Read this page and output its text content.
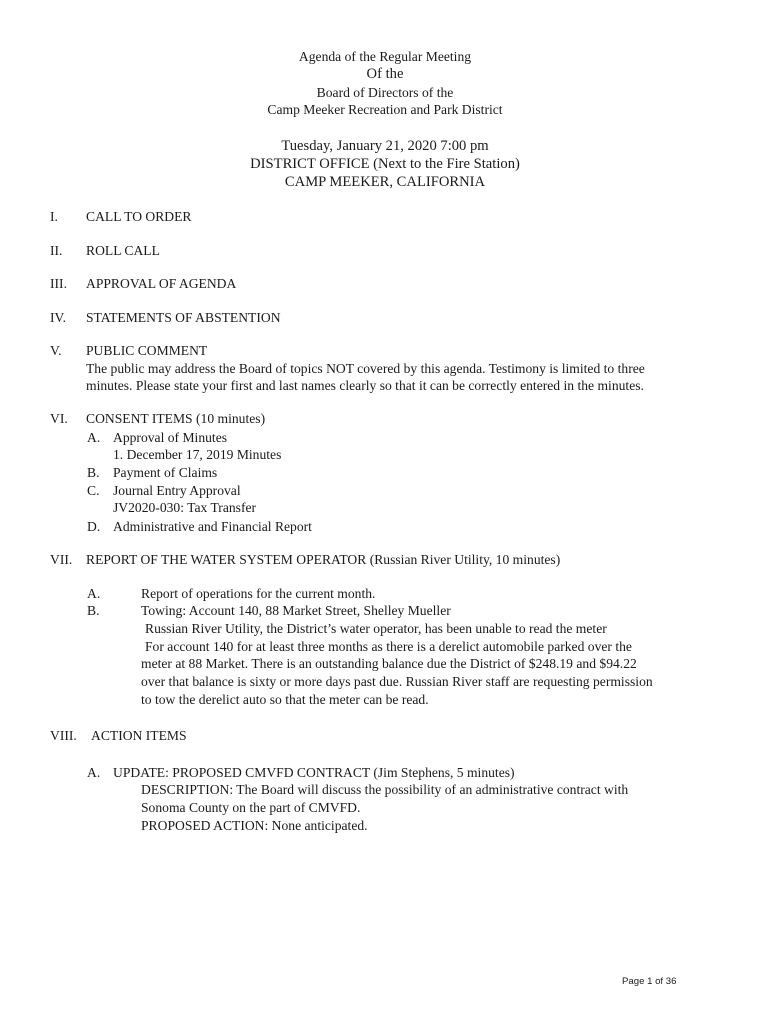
Agenda of the Regular Meeting
Of the
Board of Directors of the
Camp Meeker Recreation and Park District
Tuesday, January 21, 2020 7:00 pm
DISTRICT OFFICE (Next to the Fire Station)
CAMP MEEKER, CALIFORNIA
I. CALL TO ORDER
II. ROLL CALL
III. APPROVAL OF AGENDA
IV. STATEMENTS OF ABSTENTION
V. PUBLIC COMMENT
The public may address the Board of topics NOT covered by this agenda. Testimony is limited to three
minutes. Please state your first and last names clearly so that it can be correctly entered in the minutes.
VI. CONSENT ITEMS (10 minutes)
A. Approval of Minutes
1. December 17, 2019 Minutes
B. Payment of Claims
C. Journal Entry Approval
JV2020-030: Tax Transfer
D. Administrative and Financial Report
VII. REPORT OF THE WATER SYSTEM OPERATOR (Russian River Utility, 10 minutes)
A.	Report of operations for the current month.
B.	Towing: Account 140, 88 Market Street, Shelley Mueller
Russian River Utility, the District’s water operator, has been unable to read the meter
For account 140 for at least three months as there is a derelict automobile parked over the
meter at 88 Market. There is an outstanding balance due the District of $248.19 and $94.22
over that balance is sixty or more days past due. Russian River staff are requesting permission
to tow the derelict auto so that the meter can be read.
VIII. ACTION ITEMS
A. UPDATE: PROPOSED CMVFD CONTRACT (Jim Stephens, 5 minutes)
DESCRIPTION: The Board will discuss the possibility of an administrative contract with
Sonoma County on the part of CMVFD.
PROPOSED ACTION: None anticipated.
Page 1 of 36
